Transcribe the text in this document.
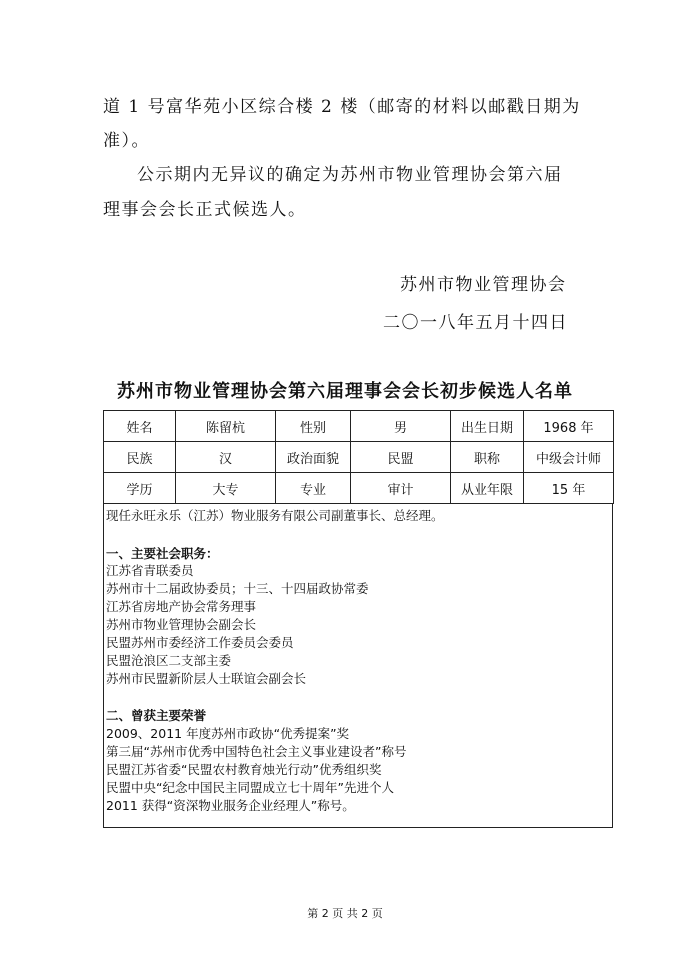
道 1 号富华苑小区综合楼 2 楼（邮寄的材料以邮戳日期为

准）。

公示期内无异议的确定为苏州市物业管理协会第六届

理事会会长正式候选人。

苏州市物业管理协会

二〇一八年五月十四日

苏州市物业管理协会第六届理事会会长初步候选人名单
姓名	陈留杭	性别	男	出生日期	1968 年
民族	汉	政治面貌	民盟	职称	中级会计师
学历	大专	专业	审计	从业年限	15 年
现任永旺永乐（江苏）物业服务有限公司副董事长、总经理。
一、主要社会职务：
江苏省青联委员
苏州市十二届政协委员；十三、十四届政协常委
江苏省房地产协会常务理事
苏州市物业管理协会副会长
民盟苏州市委经济工作委员会委员
民盟沧浪区二支部主委
苏州市民盟新阶层人士联谊会副会长
二、曾获主要荣誉
2009、2011 年度苏州市政协“优秀提案”奖
第三届“苏州市优秀中国特色社会主义事业建设者”称号
民盟江苏省委“民盟农村教育烛光行动”优秀组织奖
民盟中央“纪念中国民主同盟成立七十周年”先进个人
2011 获得“资深物业服务企业经理人”称号。
第 2 页 共 2 页
